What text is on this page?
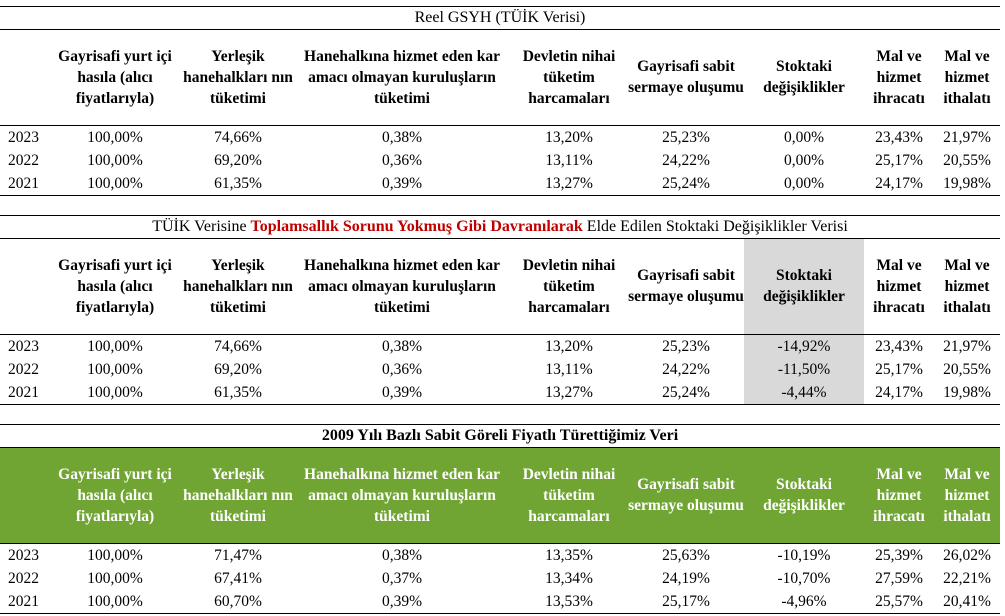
Reel GSYH (TÜİK Verisi)
	Gayrisafi yurt içi hasıla (alıcı fiyatlarıyla)	Yerleşik hanehalkları nın tüketimi	Hanehalkına hizmet eden kar amacı olmayan kuruluşların tüketimi	Devletin nihai tüketim harcamaları	Gayrisafi sabit sermaye oluşumu	Stoktaki değişiklikler	Mal ve hizmet ihracatı	Mal ve hizmet ithalatı
2023	100,00%	74,66%	0,38%	13,20%	25,23%	0,00%	23,43%	21,97%
2022	100,00%	69,20%	0,36%	13,11%	24,22%	0,00%	25,17%	20,55%
2021	100,00%	61,35%	0,39%	13,27%	25,24%	0,00%	24,17%	19,98%
TÜİK Verisine Toplamsallık Sorunu Yokmuş Gibi Davranılarak Elde Edilen Stoktaki Değişiklikler Verisi
	Gayrisafi yurt içi hasıla (alıcı fiyatlarıyla)	Yerleşik hanehalkları nın tüketimi	Hanehalkına hizmet eden kar amacı olmayan kuruluşların tüketimi	Devletin nihai tüketim harcamaları	Gayrisafi sabit sermaye oluşumu	Stoktaki değişiklikler	Mal ve hizmet ihracatı	Mal ve hizmet ithalatı
2023	100,00%	74,66%	0,38%	13,20%	25,23%	-14,92%	23,43%	21,97%
2022	100,00%	69,20%	0,36%	13,11%	24,22%	-11,50%	25,17%	20,55%
2021	100,00%	61,35%	0,39%	13,27%	25,24%	-4,44%	24,17%	19,98%
2009 Yılı Bazlı Sabit Göreli Fiyatlı Türettiğimiz Veri
	Gayrisafi yurt içi hasıla (alıcı fiyatlarıyla)	Yerleşik hanehalkları nın tüketimi	Hanehalkına hizmet eden kar amacı olmayan kuruluşların tüketimi	Devletin nihai tüketim harcamaları	Gayrisafi sabit sermaye oluşumu	Stoktaki değişiklikler	Mal ve hizmet ihracatı	Mal ve hizmet ithalatı
2023	100,00%	71,47%	0,38%	13,35%	25,63%	-10,19%	25,39%	26,02%
2022	100,00%	67,41%	0,37%	13,34%	24,19%	-10,70%	27,59%	22,21%
2021	100,00%	60,70%	0,39%	13,53%	25,17%	-4,96%	25,57%	20,41%
